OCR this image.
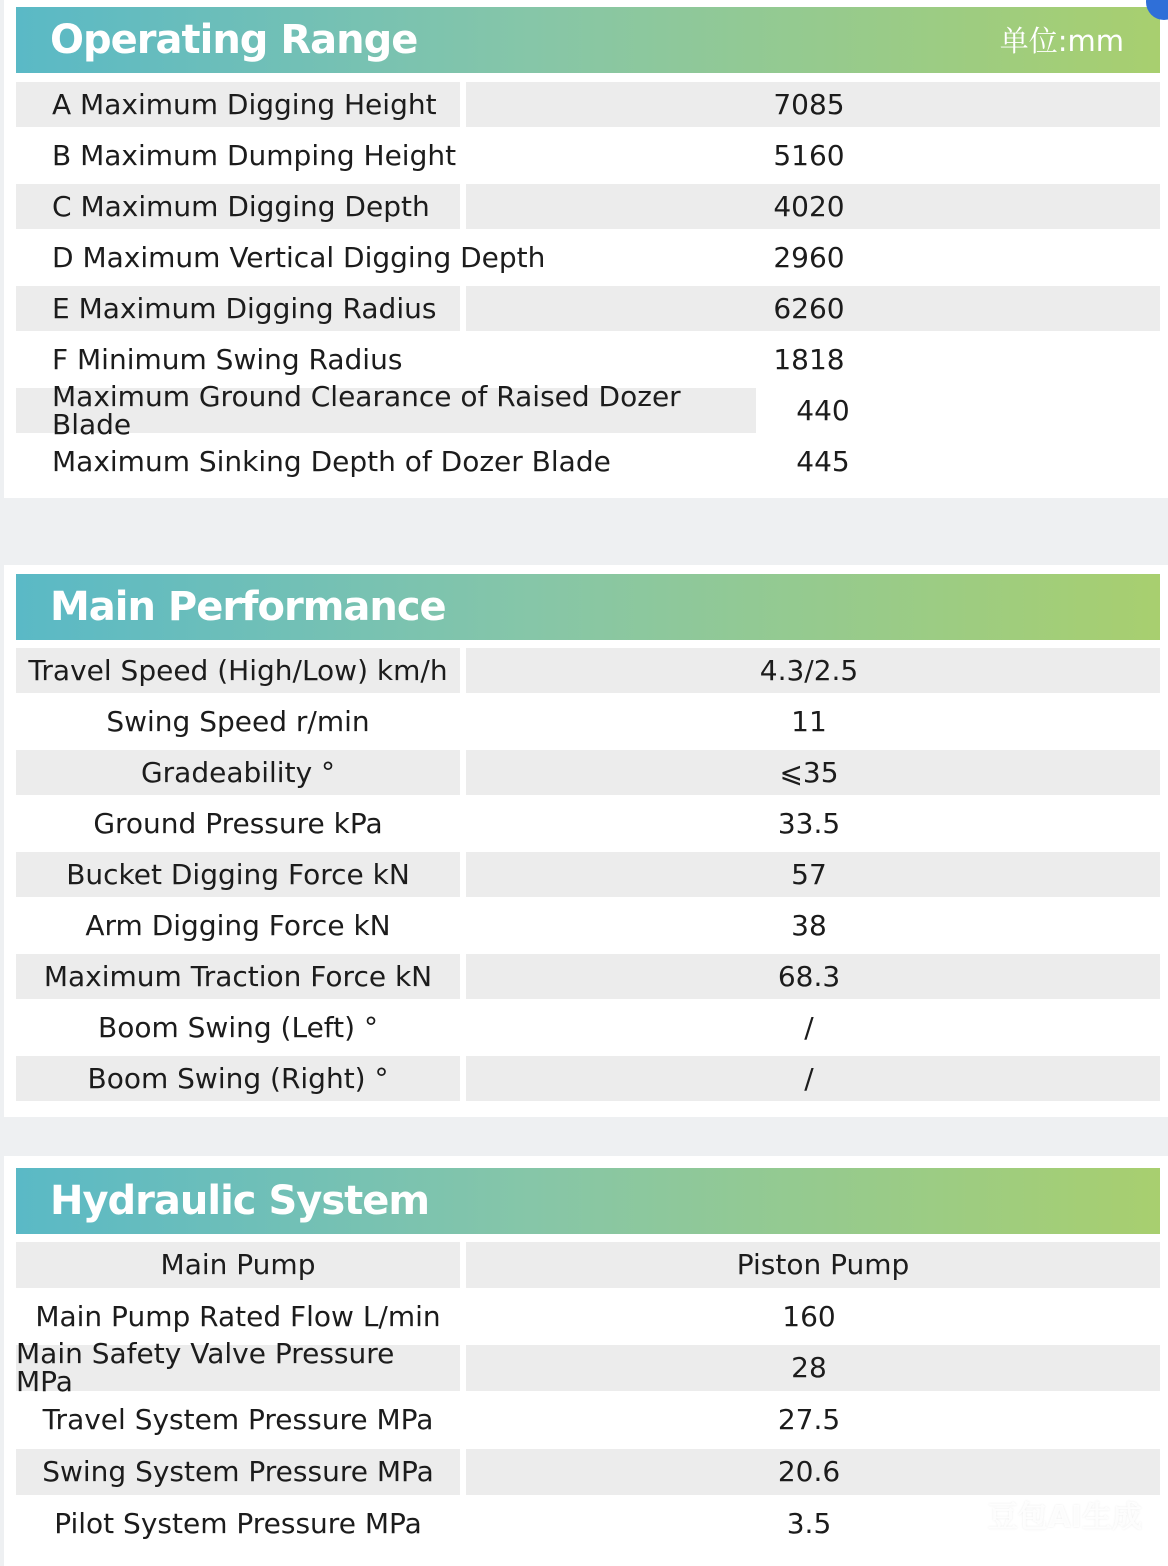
Operating Range	单位:mm
A Maximum Digging Height	7085
B Maximum Dumping Height	5160
C Maximum Digging Depth	4020
D Maximum Vertical Digging Depth	2960
E Maximum Digging Radius	6260
F Minimum Swing Radius	1818
Maximum Ground Clearance of Raised Dozer Blade	440
Maximum Sinking Depth of Dozer Blade	445
Main Performance
Travel Speed (High/Low) km/h	4.3/2.5
Swing Speed r/min	11
Gradeability °	⩽35
Ground Pressure kPa	33.5
Bucket Digging Force kN	57
Arm Digging Force kN	38
Maximum Traction Force kN	68.3
Boom Swing (Left) °	/
Boom Swing (Right) °	/
Hydraulic System
Main Pump	Piston Pump
Main Pump Rated Flow L/min	160
Main Safety Valve Pressure MPa	28
Travel System Pressure MPa	27.5
Swing System Pressure MPa	20.6
Pilot System Pressure MPa	3.5	豆包AI生成
